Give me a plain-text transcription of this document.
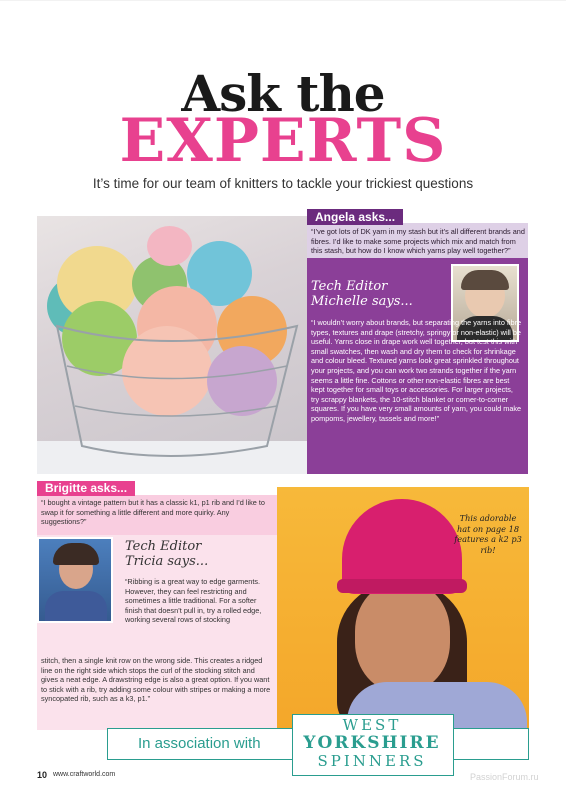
Ask the
EXPERTS
It’s time for our team of knitters to tackle your trickiest questions
Angela asks...
“I’ve got lots of DK yarn in my stash but it’s all different brands and fibres. I’d like to make some projects which mix and match from this stash, but how do I know which yarns play well together?”
Tech Editor
Michelle says...
“I wouldn’t worry about brands, but separating the yarns into fibre types, textures and drape (stretchy, springy or non-elastic) will be useful. Yarns close in drape work well together, but test this with small swatches, then wash and dry them to check for shrinkage and colour bleed. Textured yarns look great sprinkled throughout your projects, and you can work two strands together if the yarn seems a little fine. Cottons or other non-elastic fibres are best kept together for small toys or accessories. For larger projects, try scrappy blankets, the 10-stitch blanket or corner-to-corner squares. If you have very small amounts of yarn, you could make pompoms, jewellery, tassels and more!”
Brigitte asks...
“I bought a vintage pattern but it has a classic k1, p1 rib and I’d like to swap it for something a little different and more quirky. Any suggestions?”
Tech Editor
Tricia says...
“Ribbing is a great way to edge garments. However, they can feel restricting and sometimes a little traditional. For a softer finish that doesn’t pull in, try a rolled edge, working several rows of stocking
stitch, then a single knit row on the wrong side. This creates a ridged line on the right side which stops the curl of the stocking stitch and gives a neat edge. A drawstring edge is also a great option. If you want to stick with a rib, try adding some colour with stripes or making a more syncopated rib, such as a k3, p1.”
This adorable hat on page 18 features a k2 p3 rib!
In association with
WEST
YORKSHIRE
SPINNERS
10 www.craftworld.com	PassionForum.ru
